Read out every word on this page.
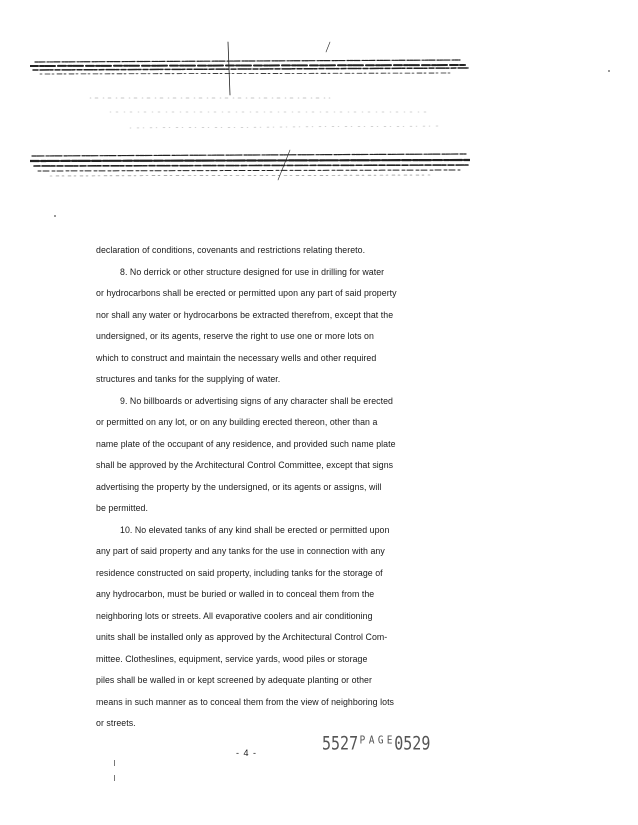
declaration of conditions, covenants and restrictions relating thereto.
8. No derrick or other structure designed for use in drilling for water
or hydrocarbons shall be erected or permitted upon any part of said property
nor shall any water or hydrocarbons be extracted therefrom, except that the
undersigned, or its agents, reserve the right to use one or more lots on
which to construct and maintain the necessary wells and other required
structures and tanks for the supplying of water.
9. No billboards or advertising signs of any character shall be erected
or permitted on any lot, or on any building erected thereon, other than a
name plate of the occupant of any residence, and provided such name plate
shall be approved by the Architectural Control Committee, except that signs
advertising the property by the undersigned, or its agents or assigns, will
be permitted.
10. No elevated tanks of any kind shall be erected or permitted upon
any part of said property and any tanks for the use in connection with any
residence constructed on said property, including tanks for the storage of
any hydrocarbon, must be buried or walled in to conceal them from the
neighboring lots or streets. All evaporative coolers and air conditioning
units shall be installed only as approved by the Architectural Control Com-
mittee. Clotheslines, equipment, service yards, wood piles or storage
piles shall be walled in or kept screened by adequate planting or other
means in such manner as to conceal them from the view of neighboring lots
or streets.
- 4 -	5527ᴾᴬᴳᴱ0529
